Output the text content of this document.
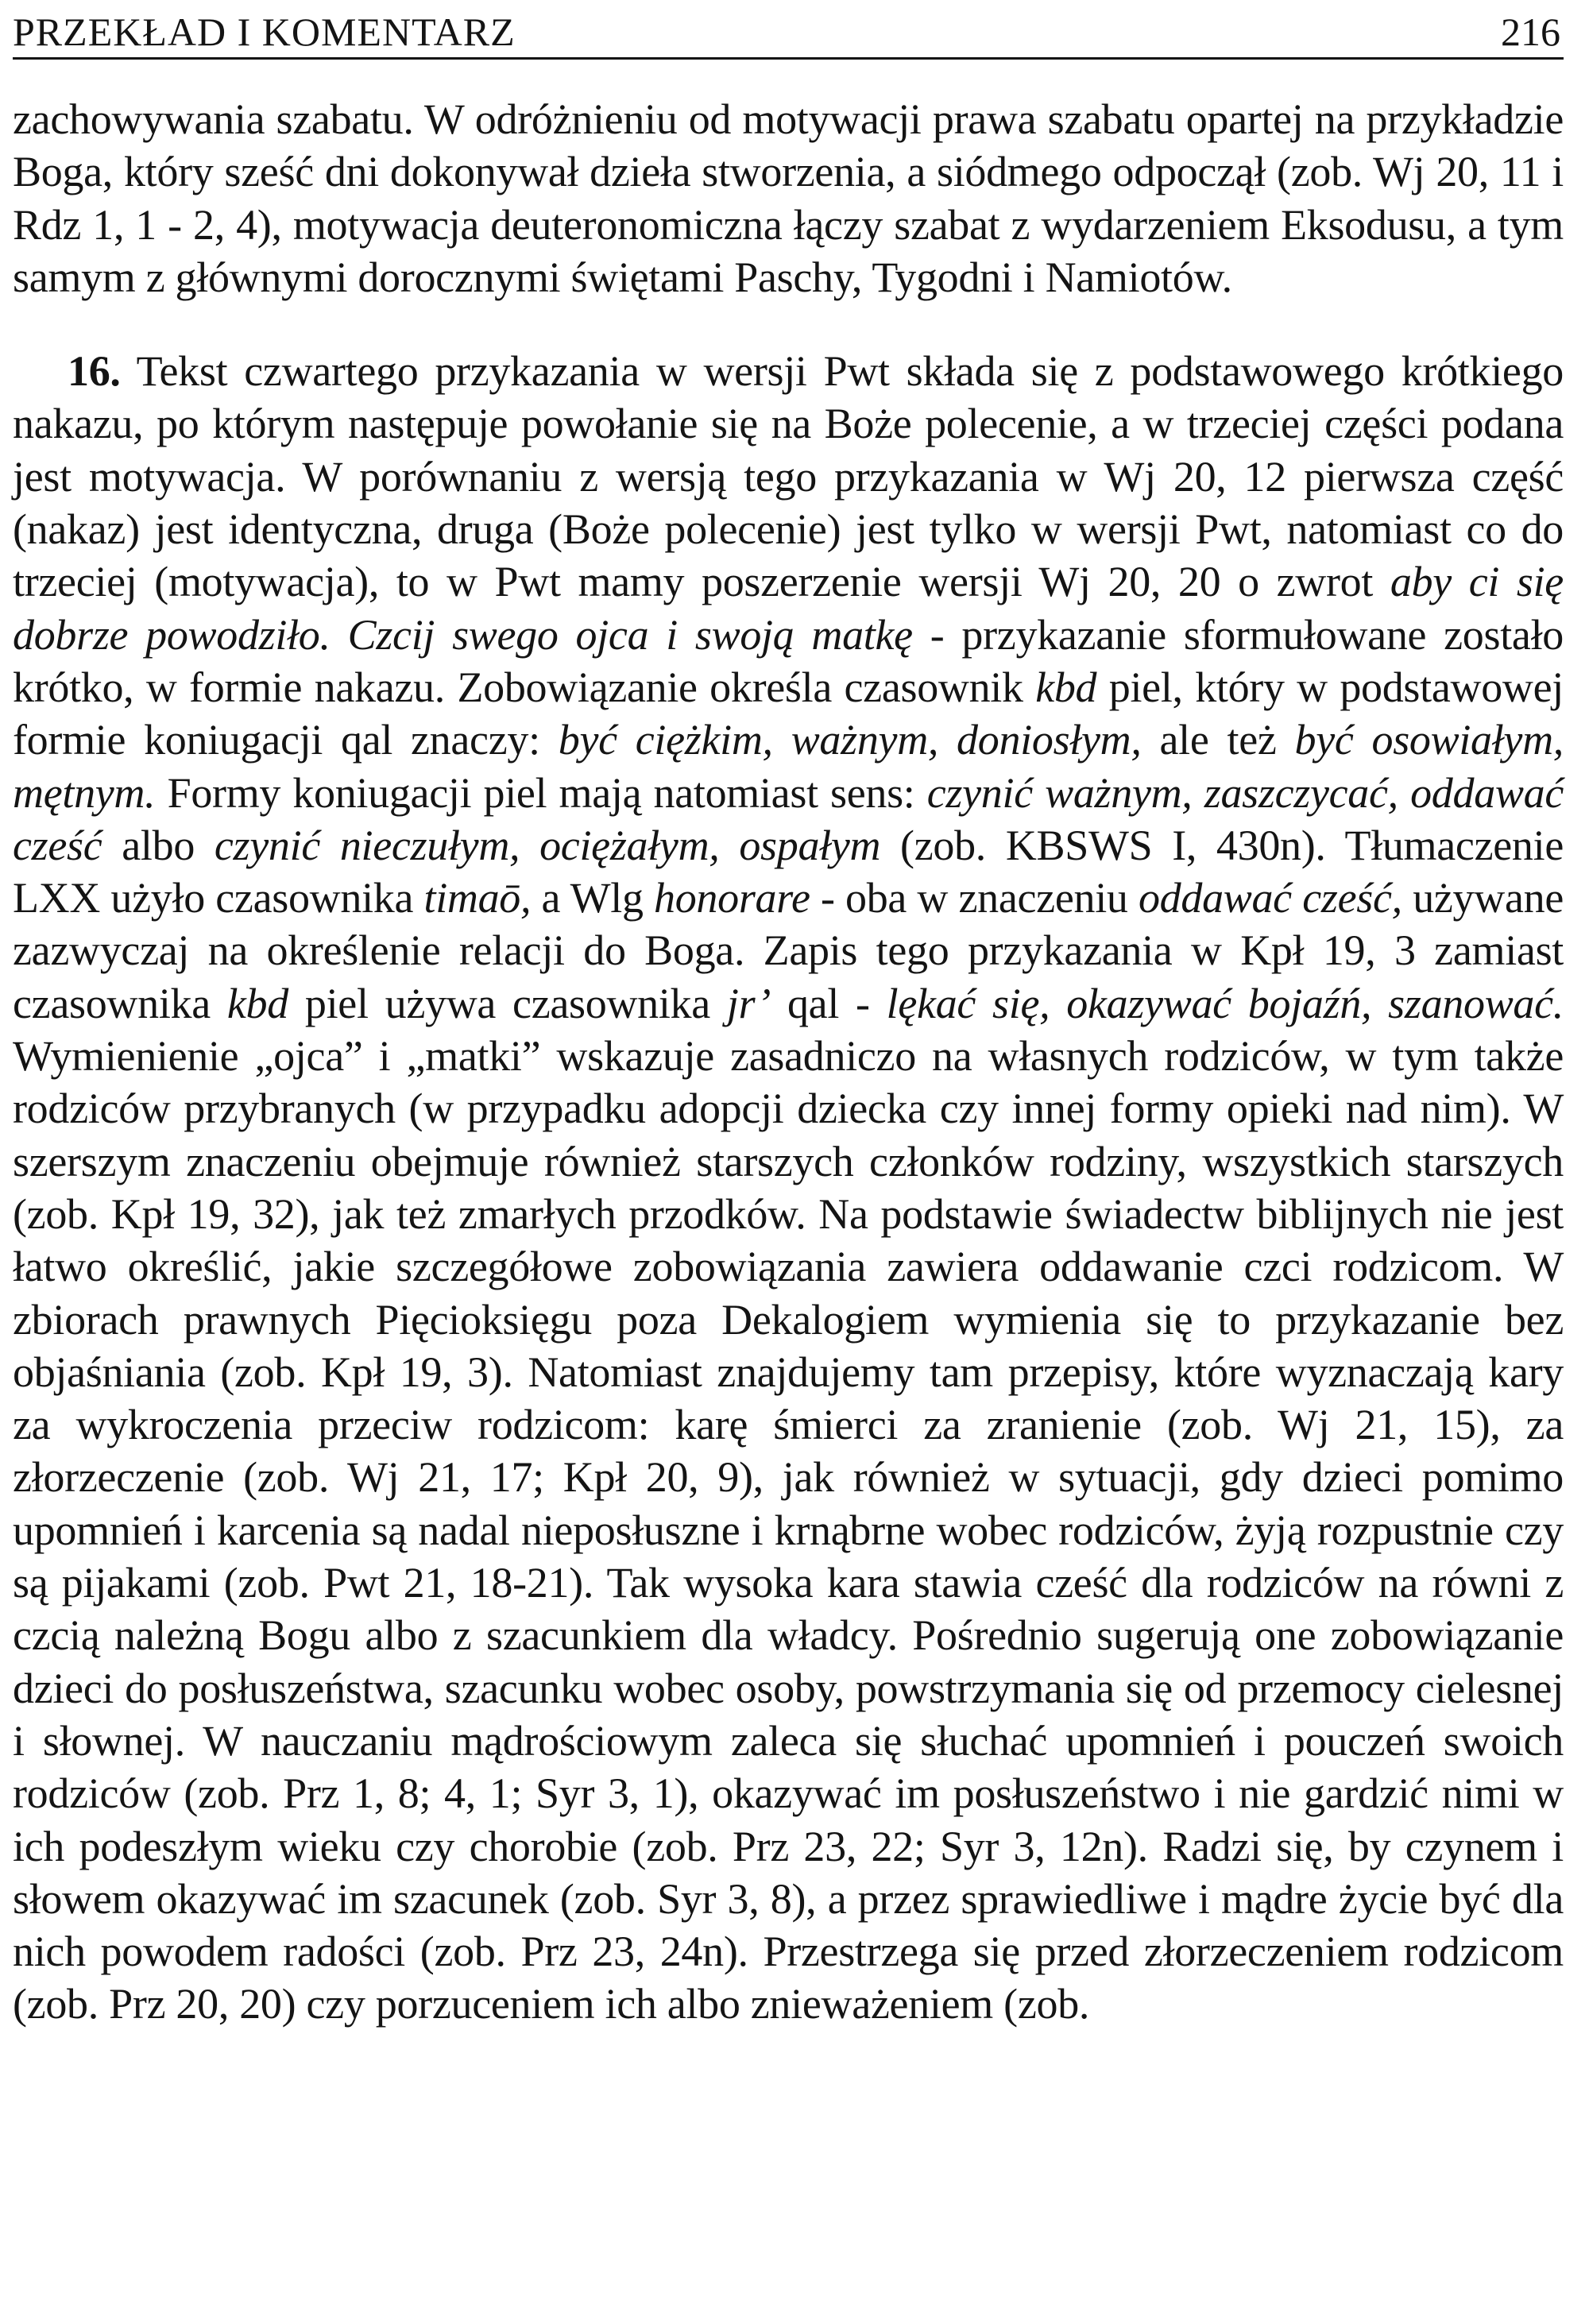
PRZEKŁAD I KOMENTARZ	216

zachowywania szabatu. W odróżnieniu od motywacji prawa szabatu opartej na przykładzie Boga, który sześć dni dokonywał dzieła stworzenia, a siódmego odpoczął (zob. Wj 20, 11 i Rdz 1, 1 - 2, 4), motywacja deuteronomiczna łączy szabat z wydarzeniem Eksodusu, a tym samym z głównymi dorocznymi świętami Paschy, Tygodni i Namiotów.

16. Tekst czwartego przykazania w wersji Pwt składa się z podstawowego krótkiego nakazu, po którym następuje powołanie się na Boże polecenie, a w trzeciej części podana jest motywacja. W porównaniu z wersją tego przykazania w Wj 20, 12 pierwsza część (nakaz) jest identyczna, druga (Boże polecenie) jest tylko w wersji Pwt, natomiast co do trzeciej (motywacja), to w Pwt mamy poszerzenie wersji Wj 20, 20 o zwrot aby ci się dobrze powodziło. Czcij swego ojca i swoją matkę - przykazanie sformułowane zostało krótko, w formie nakazu. Zobowiązanie określa czasownik kbd piel, który w podstawowej formie koniugacji qal znaczy: być ciężkim, ważnym, doniosłym, ale też być osowiałym, mętnym. Formy koniugacji piel mają natomiast sens: czynić ważnym, zaszczycać, oddawać cześć albo czynić nieczułym, ociężałym, ospałym (zob. KBSWS I, 430n). Tłumaczenie LXX użyło czasownika timaō, a Wlg honorare - oba w znaczeniu oddawać cześć, używane zazwyczaj na określenie relacji do Boga. Zapis tego przykazania w Kpł 19, 3 zamiast czasownika kbd piel używa czasownika jr’ qal - lękać się, okazywać bojaźń, szanować. Wymienienie „ojca” i „matki” wskazuje zasadniczo na własnych rodziców, w tym także rodziców przybranych (w przypadku adopcji dziecka czy innej formy opieki nad nim). W szerszym znaczeniu obejmuje również starszych członków rodziny, wszystkich starszych (zob. Kpł 19, 32), jak też zmarłych przodków. Na podstawie świadectw biblijnych nie jest łatwo określić, jakie szczegółowe zobowiązania zawiera oddawanie czci rodzicom. W zbiorach prawnych Pięcioksięgu poza Dekalogiem wymienia się to przykazanie bez objaśniania (zob. Kpł 19, 3). Natomiast znajdujemy tam przepisy, które wyznaczają kary za wykroczenia przeciw rodzicom: karę śmierci za zranienie (zob. Wj 21, 15), za złorzeczenie (zob. Wj 21, 17; Kpł 20, 9), jak również w sytuacji, gdy dzieci pomimo upomnień i karcenia są nadal nieposłuszne i krnąbrne wobec rodziców, żyją rozpustnie czy są pijakami (zob. Pwt 21, 18-21). Tak wysoka kara stawia cześć dla rodziców na równi z czcią należną Bogu albo z szacunkiem dla władcy. Pośrednio sugerują one zobowiązanie dzieci do posłuszeństwa, szacunku wobec osoby, powstrzymania się od przemocy cielesnej i słownej. W nauczaniu mądrościowym zaleca się słuchać upomnień i pouczeń swoich rodziców (zob. Prz 1, 8; 4, 1; Syr 3, 1), okazywać im posłuszeństwo i nie gardzić nimi w ich podeszłym wieku czy chorobie (zob. Prz 23, 22; Syr 3, 12n). Radzi się, by czynem i słowem okazywać im szacunek (zob. Syr 3, 8), a przez sprawiedliwe i mądre życie być dla nich powodem radości (zob. Prz 23, 24n). Przestrzega się przed złorzeczeniem rodzicom (zob. Prz 20, 20) czy porzuceniem ich albo znieważeniem (zob.
